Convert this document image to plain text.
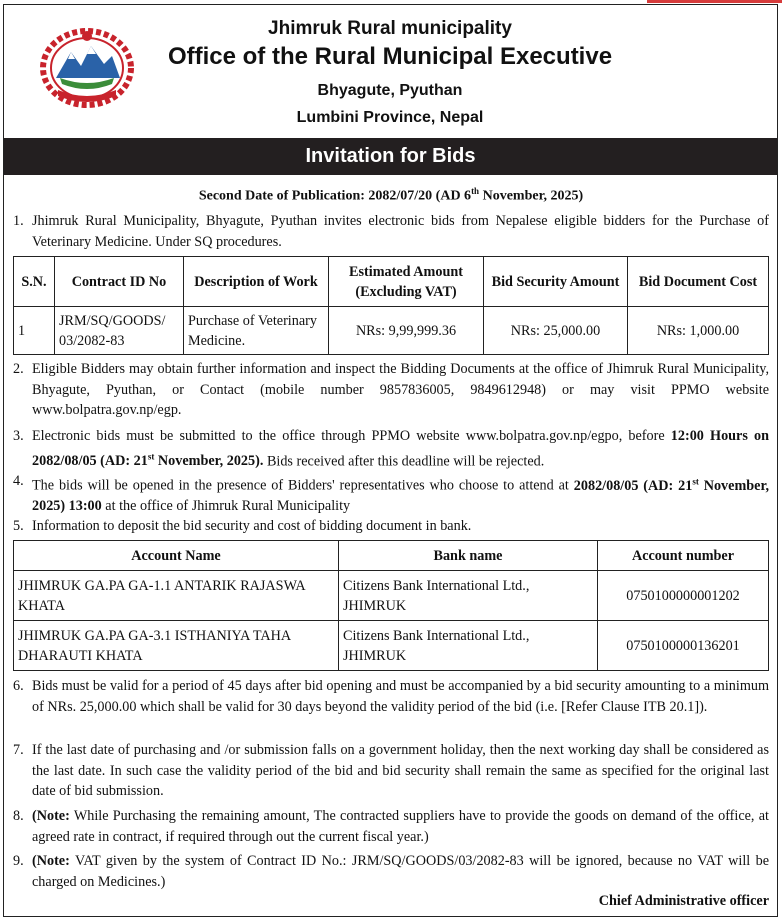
Jhimruk Rural municipality
Office of the Rural Municipal Executive
Bhyagute, Pyuthan
Lumbini Province, Nepal
Invitation for Bids
Second Date of Publication: 2082/07/20 (AD 6th November, 2025)
1. Jhimruk Rural Municipality, Bhyagute, Pyuthan invites electronic bids from Nepalese eligible bidders for the Purchase of Veterinary Medicine. Under SQ procedures.
S.N.	Contract ID No	Description of Work	Estimated Amount (Excluding VAT)	Bid Security Amount	Bid Document Cost
1	JRM/SQ/GOODS/ 03/2082-83	Purchase of Veterinary Medicine.	NRs: 9,99,999.36	NRs: 25,000.00	NRs: 1,000.00
2. Eligible Bidders may obtain further information and inspect the Bidding Documents at the office of Jhimruk Rural Municipality, Bhyagute, Pyuthan, or Contact (mobile number 9857836005, 9849612948) or may visit PPMO website www.bolpatra.gov.np/egp.
3. Electronic bids must be submitted to the office through PPMO website www.bolpatra.gov.np/egpo, before 12:00 Hours on 2082/08/05 (AD: 21st November, 2025). Bids received after this deadline will be rejected.
4. The bids will be opened in the presence of Bidders' representatives who choose to attend at 2082/08/05 (AD: 21st November, 2025) 13:00 at the office of Jhimruk Rural Municipality
5. Information to deposit the bid security and cost of bidding document in bank.
Account Name	Bank name	Account number
JHIMRUK GA.PA GA-1.1 ANTARIK RAJASWA KHATA	Citizens Bank International Ltd., JHIMRUK	0750100000001202
JHIMRUK GA.PA GA-3.1 ISTHANIYA TAHA DHARAUTI KHATA	Citizens Bank International Ltd., JHIMRUK	0750100000136201
6. Bids must be valid for a period of 45 days after bid opening and must be accompanied by a bid security amounting to a minimum of NRs. 25,000.00 which shall be valid for 30 days beyond the validity period of the bid (i.e. [Refer Clause ITB 20.1]).
7. If the last date of purchasing and /or submission falls on a government holiday, then the next working day shall be considered as the last date. In such case the validity period of the bid and bid security shall remain the same as specified for the original last date of bid submission.
8. (Note: While Purchasing the remaining amount, The contracted suppliers have to provide the goods on demand of the office, at agreed rate in contract, if required through out the current fiscal year.)
9. (Note: VAT given by the system of Contract ID No.: JRM/SQ/GOODS/03/2082-83 will be ignored, because no VAT will be charged on Medicines.)
Chief Administrative officer
